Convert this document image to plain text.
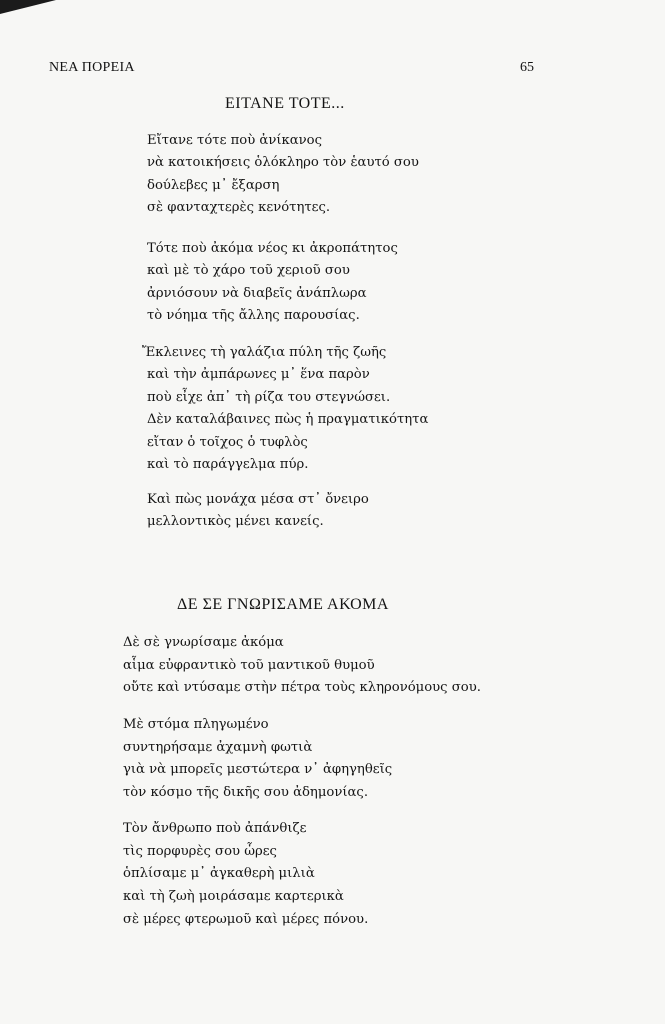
ΝΕΑ ΠΟΡΕΙΑ	65
ΕΙΤΑΝΕ ΤΟΤΕ...
Εἴτανε τότε ποὺ ἀνίκανος
νὰ κατοικήσεις ὁλόκληρο τὸν ἑαυτό σου
δούλεβες μ᾿ ἔξαρση
σὲ φανταχτερὲς κενότητες.
Τότε ποὺ ἀκόμα νέος κι ἀκροπάτητος
καὶ μὲ τὸ χάρο τοῦ χεριοῦ σου
ἀρνιόσουν νὰ διαβεῖς ἀνάπλωρα
τὸ νόημα τῆς ἄλλης παρουσίας.
Ἔκλεινες τὴ γαλάζια πύλη τῆς ζωῆς
καὶ τὴν ἀμπάρωνες μ᾿ ἕνα παρὸν
ποὺ εἶχε ἀπ᾿ τὴ ρίζα του στεγνώσει.
Δὲν καταλάβαινες πὼς ἡ πραγματικότητα
εἴταν ὁ τοῖχος ὁ τυφλὸς
καὶ τὸ παράγγελμα πύρ.
Καὶ πὼς μονάχα μέσα στ᾿ ὄνειρο
μελλοντικὸς μένει κανείς.
ΔΕ ΣΕ ΓΝΩΡΙΣΑΜΕ ΑΚΟΜΑ
Δὲ σὲ γνωρίσαμε ἀκόμα
αἷμα εὐφραντικὸ τοῦ μαντικοῦ θυμοῦ
οὔτε καὶ ντύσαμε στὴν πέτρα τοὺς κληρονόμους σου.
Μὲ στόμα πληγωμένο
συντηρήσαμε ἀχαμνὴ φωτιὰ
γιὰ νὰ μπορεῖς μεστώτερα ν᾿ ἀφηγηθεῖς
τὸν κόσμο τῆς δικῆς σου ἀδημονίας.
Τὸν ἄνθρωπο ποὺ ἀπάνθιζε
τὶς πορφυρὲς σου ὧρες
ὁπλίσαμε μ᾿ ἀγκαθερὴ μιλιὰ
καὶ τὴ ζωὴ μοιράσαμε καρτερικὰ
σὲ μέρες φτερωμοῦ καὶ μέρες πόνου.
